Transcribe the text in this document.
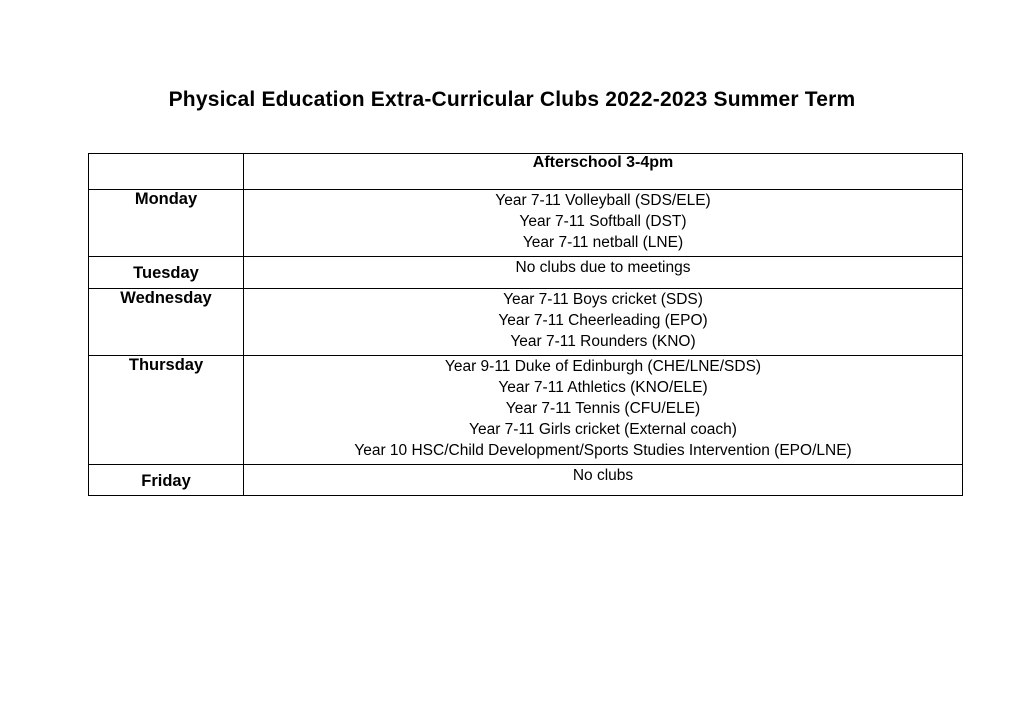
Physical Education Extra-Curricular Clubs 2022-2023 Summer Term
	Afterschool 3-4pm
Monday	Year 7-11 Volleyball (SDS/ELE)
Year 7-11 Softball (DST)
Year 7-11 netball (LNE)

Tuesday	No clubs due to meetings

Wednesday	Year 7-11 Boys cricket (SDS)
Year 7-11 Cheerleading (EPO)
Year 7-11 Rounders (KNO)

Thursday	Year 9-11 Duke of Edinburgh (CHE/LNE/SDS)
Year 7-11 Athletics (KNO/ELE)
Year 7-11 Tennis (CFU/ELE)
Year 7-11 Girls cricket (External coach)
Year 10 HSC/Child Development/Sports Studies Intervention (EPO/LNE)

Friday	No clubs
